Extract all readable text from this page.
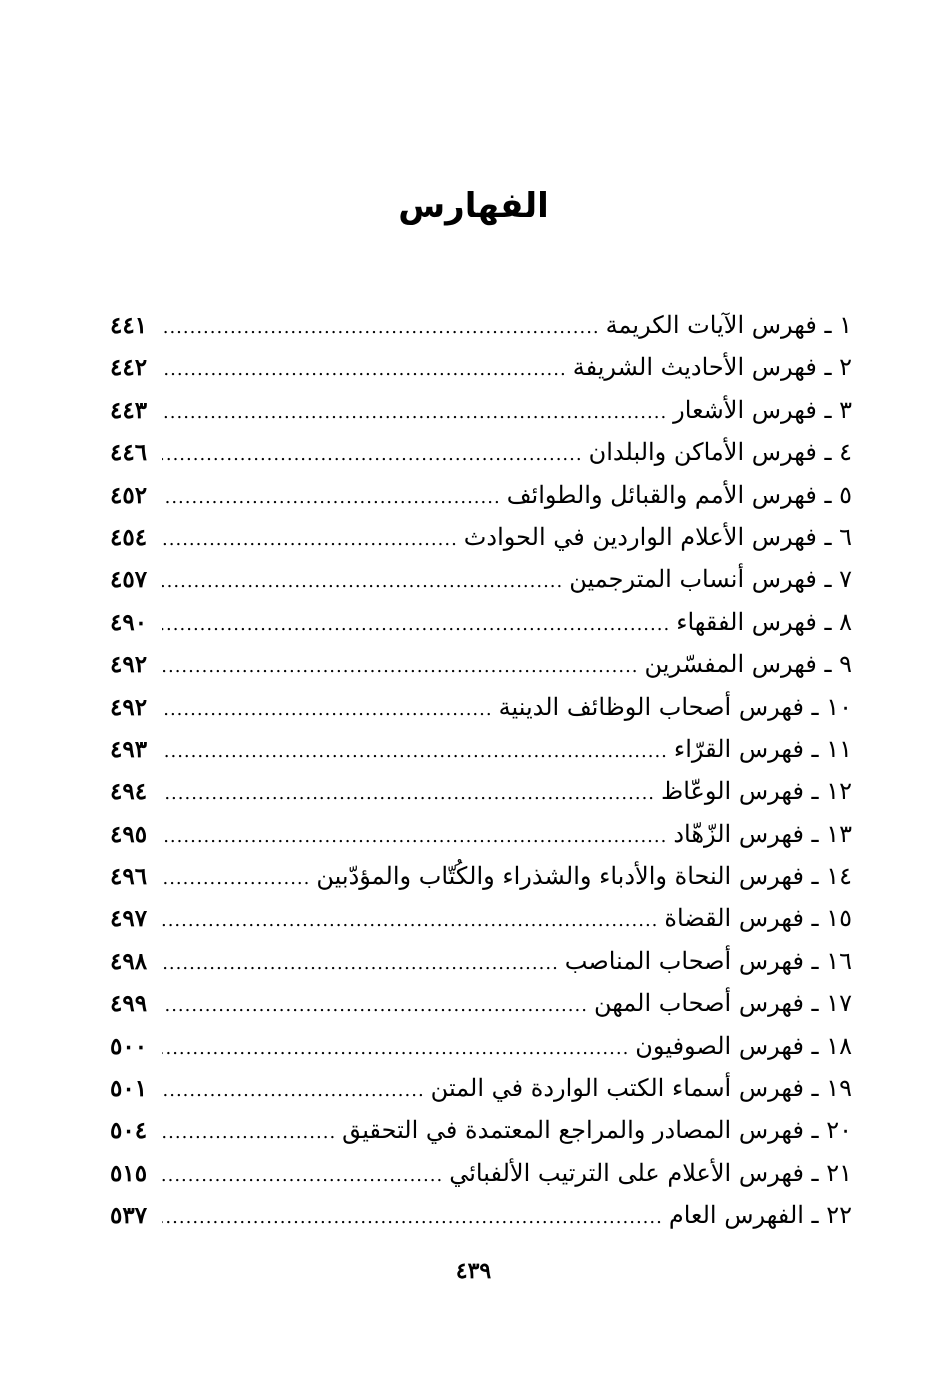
الفهارس
١ ـ فهرس الآيات الكريمة
.....
٤٤١
٢ ـ فهرس الأحاديث الشريفة
.....
٤٤٢
٣ ـ فهرس الأشعار
.....
٤٤٣
٤ ـ فهرس الأماكن والبلدان
.....
٤٤٦
٥ ـ فهرس الأمم والقبائل والطوائف
.....
٤٥٢
٦ ـ فهرس الأعلام الواردين في الحوادث
.....
٤٥٤
٧ ـ فهرس أنساب المترجمين
.....
٤٥٧
٨ ـ فهرس الفقهاء
.....
٤٩٠
٩ ـ فهرس المفسّرين
.....
٤٩٢
١٠ ـ فهرس أصحاب الوظائف الدينية
.....
٤٩٢
١١ ـ فهرس القرّاء
.....
٤٩٣
١٢ ـ فهرس الوعّاظ
.....
٤٩٤
١٣ ـ فهرس الزّهّاد
.....
٤٩٥
١٤ ـ فهرس النحاة والأدباء والشذراء والكُتّاب والمؤدّبين
.....
٤٩٦
١٥ ـ فهرس القضاة
.....
٤٩٧
١٦ ـ فهرس أصحاب المناصب
.....
٤٩٨
١٧ ـ فهرس أصحاب المهن
.....
٤٩٩
١٨ ـ فهرس الصوفيون
.....
٥٠٠
١٩ ـ فهرس أسماء الكتب الواردة في المتن
.....
٥٠١
٢٠ ـ فهرس المصادر والمراجع المعتمدة في التحقيق
.....
٥٠٤
٢١ ـ فهرس الأعلام على الترتيب الألفبائي
.....
٥١٥
٢٢ ـ الفهرس العام
.....
٥٣٧
٤٣٩
